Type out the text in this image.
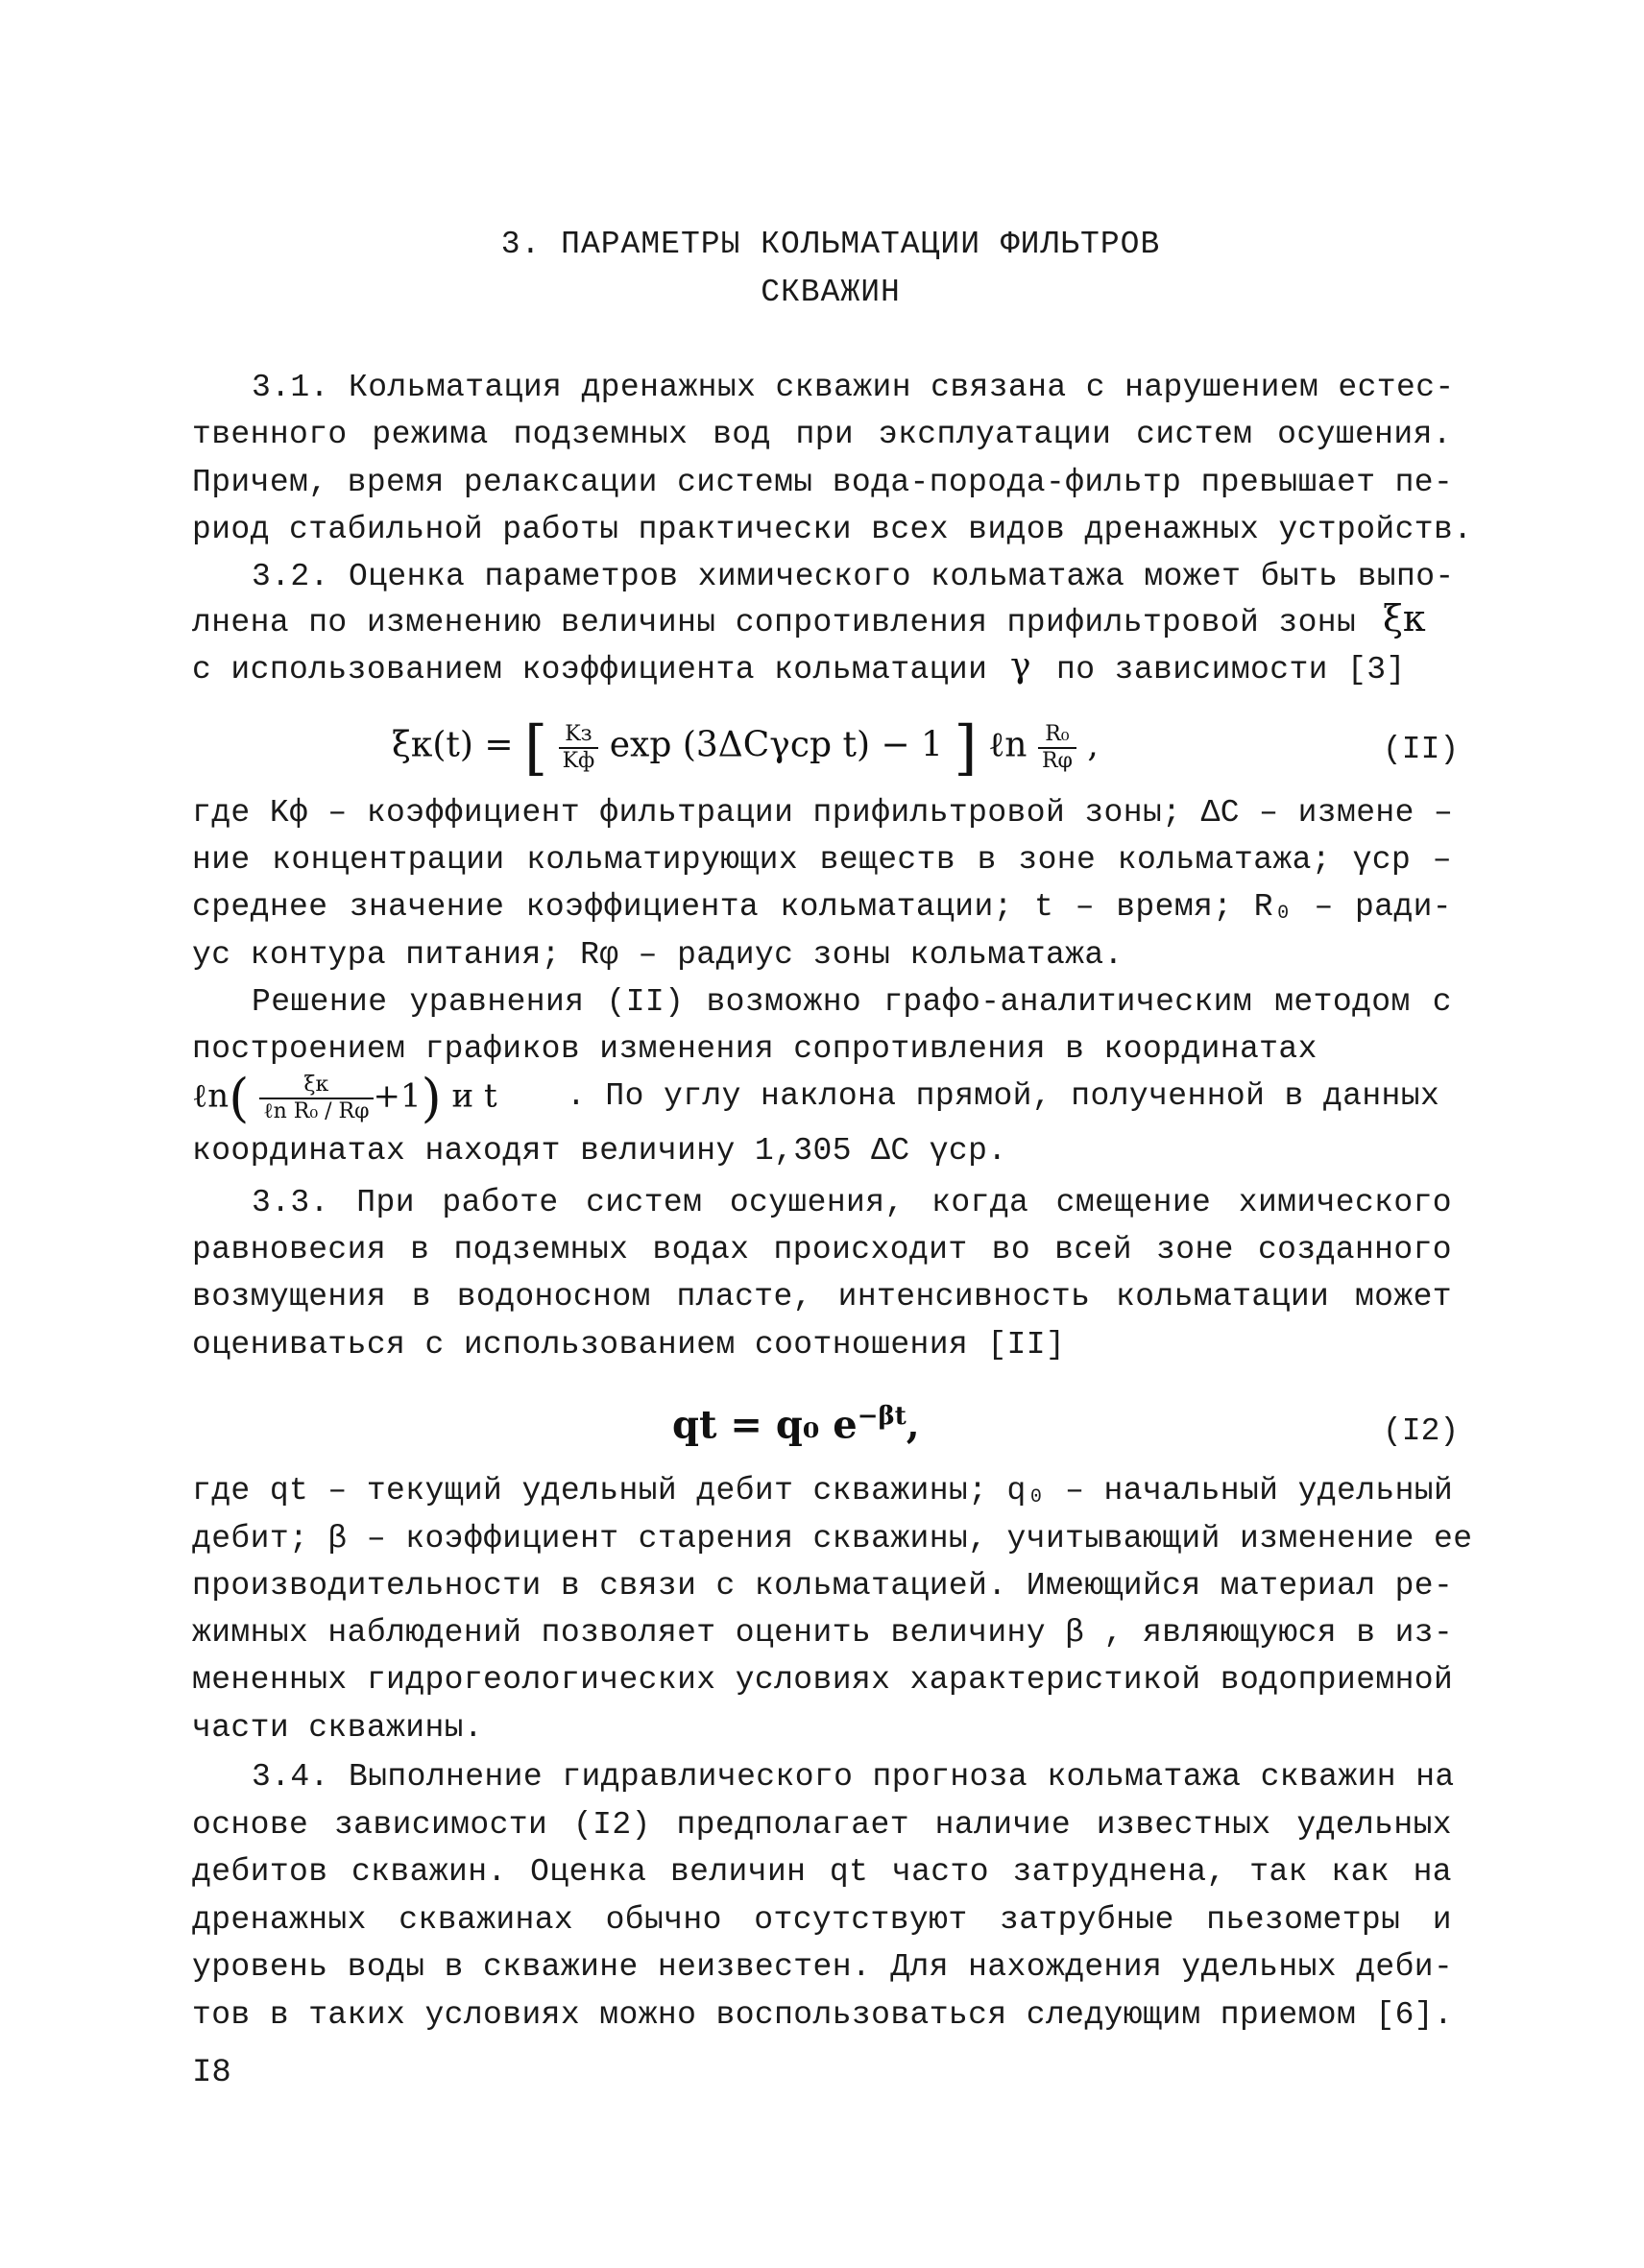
3. ПАРАМЕТРЫ КОЛЬМАТАЦИИ ФИЛЬТРОВ
СКВАЖИН
3.1. Кольматация дренажных скважин связана с нарушением естес-
твенного режима подземных вод при эксплуатации систем осушения.
Причем, время релаксации системы вода-порода-фильтр превышает пе-
риод стабильной работы практически всех видов дренажных устройств.
3.2. Оценка параметров химического кольматажа может быть выпо-
лнена по изменению величины сопротивления прифильтровой зоны ξк
с использованием коэффициента кольматации γ по зависимости [3]
ξк(t) = [ $\frac{Kз}{Kф}$ exp (3ΔCγср t) − 1 ] ℓn $\frac{\text{R₀}}{R\varphi}$ ,	(II)
где Kф – коэффициент фильтрации прифильтровой зоны; ΔC – измене –
ние концентрации кольматирующих веществ в зоне кольматажа; γср –
среднее значение коэффициента кольматации; t – время; R₀ – ради-
ус контура питания; Rφ – радиус зоны кольматажа.
Решение уравнения (II) возможно графо-аналитическим методом с
построением графиков изменения сопротивления в координатах
ℓn( $\frac{\xi к}{\text{ℓn R₀ / Rφ}} +1$) и t . По углу наклона прямой, полученной в данных
координатах находят величину 1,305 ΔC γср.
3.3. При работе систем осушения, когда смещение химического
равновесия в подземных водах происходит во всей зоне созданного
возмущения в водоносном пласте, интенсивность кольматации может
оцениваться с использованием соотношения [II]
qt = q₀ $e^{-\beta t}$,	(I2)
где qt – текущий удельный дебит скважины; q₀ – начальный удельный
дебит; β – коэффициент старения скважины, учитывающий изменение ее
производительности в связи с кольматацией. Имеющийся материал ре-
жимных наблюдений позволяет оценить величину β , являющуюся в из-
мененных гидрогеологических условиях характеристикой водоприемной
части скважины.
3.4. Выполнение гидравлического прогноза кольматажа скважин на
основе зависимости (I2) предполагает наличие известных удельных
дебитов скважин. Оценка величин qt часто затруднена, так как на
дренажных скважинах обычно отсутствуют затрубные пьезометры и
уровень воды в скважине неизвестен. Для нахождения удельных деби-
тов в таких условиях можно воспользоваться следующим приемом [6].
I8
